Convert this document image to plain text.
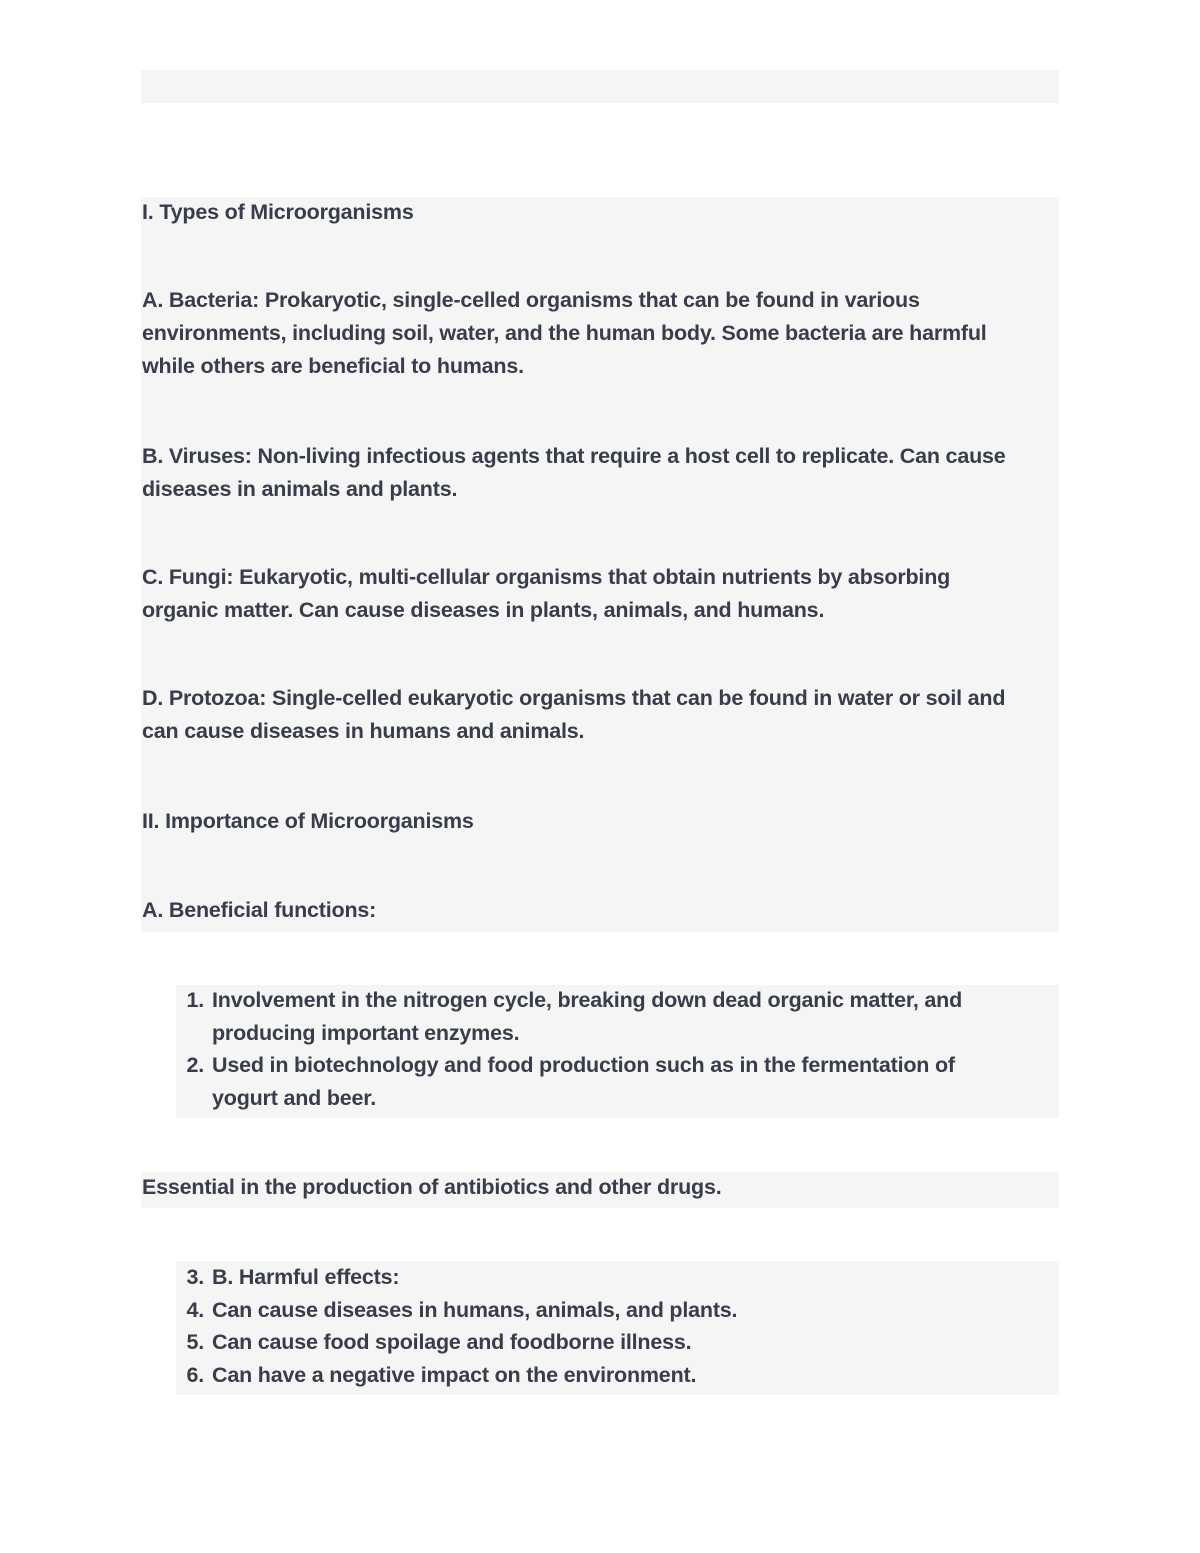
I. Types of Microorganisms
A. Bacteria: Prokaryotic, single-celled organisms that can be found in various
environments, including soil, water, and the human body. Some bacteria are harmful
while others are beneficial to humans.
B. Viruses: Non-living infectious agents that require a host cell to replicate. Can cause
diseases in animals and plants.
C. Fungi: Eukaryotic, multi-cellular organisms that obtain nutrients by absorbing
organic matter. Can cause diseases in plants, animals, and humans.
D. Protozoa: Single-celled eukaryotic organisms that can be found in water or soil and
can cause diseases in humans and animals.
II. Importance of Microorganisms
A. Beneficial functions:
1. Involvement in the nitrogen cycle, breaking down dead organic matter, and
producing important enzymes.
2. Used in biotechnology and food production such as in the fermentation of
yogurt and beer.
Essential in the production of antibiotics and other drugs.
3. B. Harmful effects:
4. Can cause diseases in humans, animals, and plants.
5. Can cause food spoilage and foodborne illness.
6. Can have a negative impact on the environment.
